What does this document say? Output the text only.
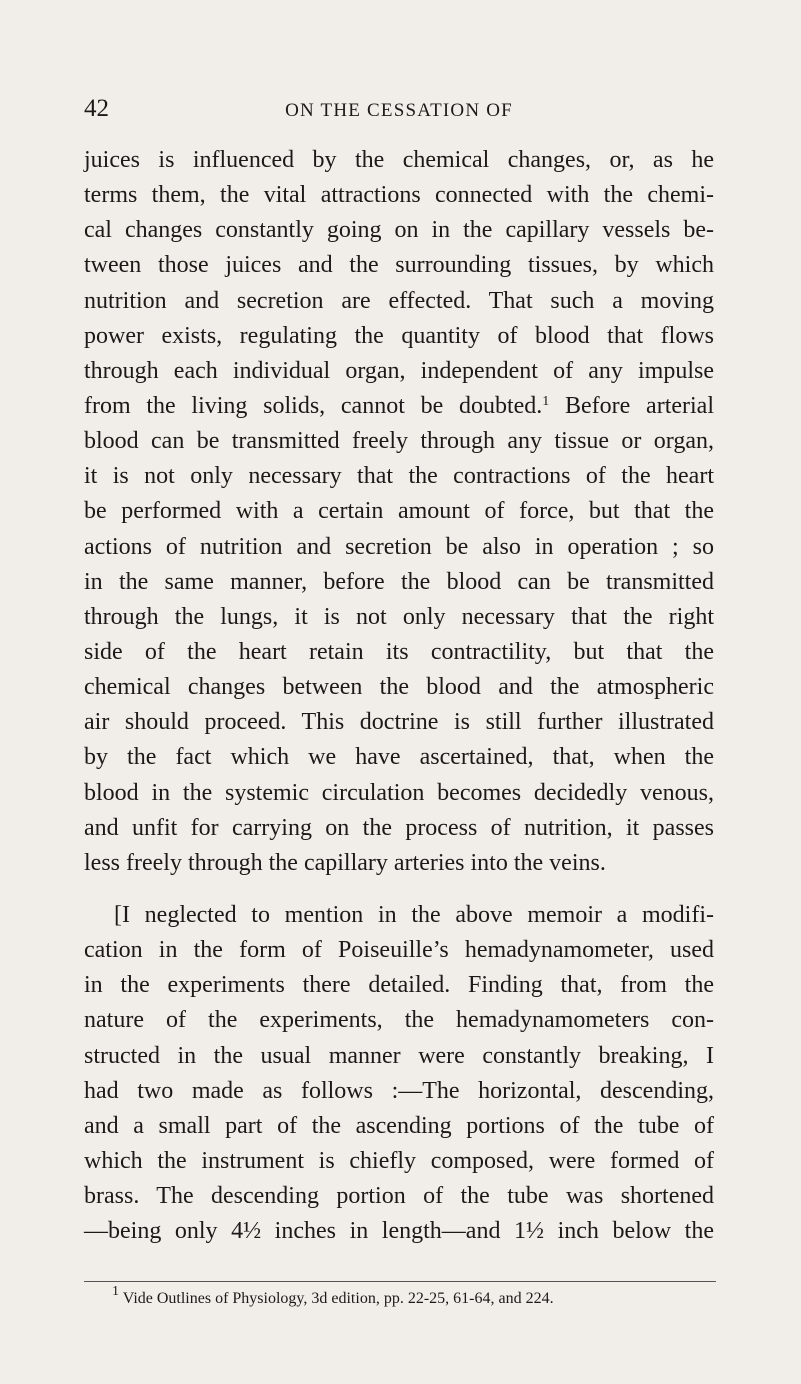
42	ON THE CESSATION OF
juices is influenced by the chemical changes, or, as he
terms them, the vital attractions connected with the chemi-
cal changes constantly going on in the capillary vessels be-
tween those juices and the surrounding tissues, by which
nutrition and secretion are effected. That such a moving
power exists, regulating the quantity of blood that flows
through each individual organ, independent of any impulse
from the living solids, cannot be doubted.$^1$ Before arterial
blood can be transmitted freely through any tissue or organ,
it is not only necessary that the contractions of the heart
be performed with a certain amount of force, but that the
actions of nutrition and secretion be also in operation ; so
in the same manner, before the blood can be transmitted
through the lungs, it is not only necessary that the right
side of the heart retain its contractility, but that the
chemical changes between the blood and the atmospheric
air should proceed. This doctrine is still further illustrated
by the fact which we have ascertained, that, when the
blood in the systemic circulation becomes decidedly venous,
and unfit for carrying on the process of nutrition, it passes
less freely through the capillary arteries into the veins.
[I neglected to mention in the above memoir a modifi-
cation in the form of Poiseuille’s hemadynamometer, used
in the experiments there detailed. Finding that, from the
nature of the experiments, the hemadynamometers con-
structed in the usual manner were constantly breaking, I
had two made as follows :—The horizontal, descending,
and a small part of the ascending portions of the tube of
which the instrument is chiefly composed, were formed of
brass. The descending portion of the tube was shortened
—being only 4½ inches in length—and 1½ inch below the
$^1$ Vide Outlines of Physiology, 3d edition, pp. 22-25, 61-64, and 224.
